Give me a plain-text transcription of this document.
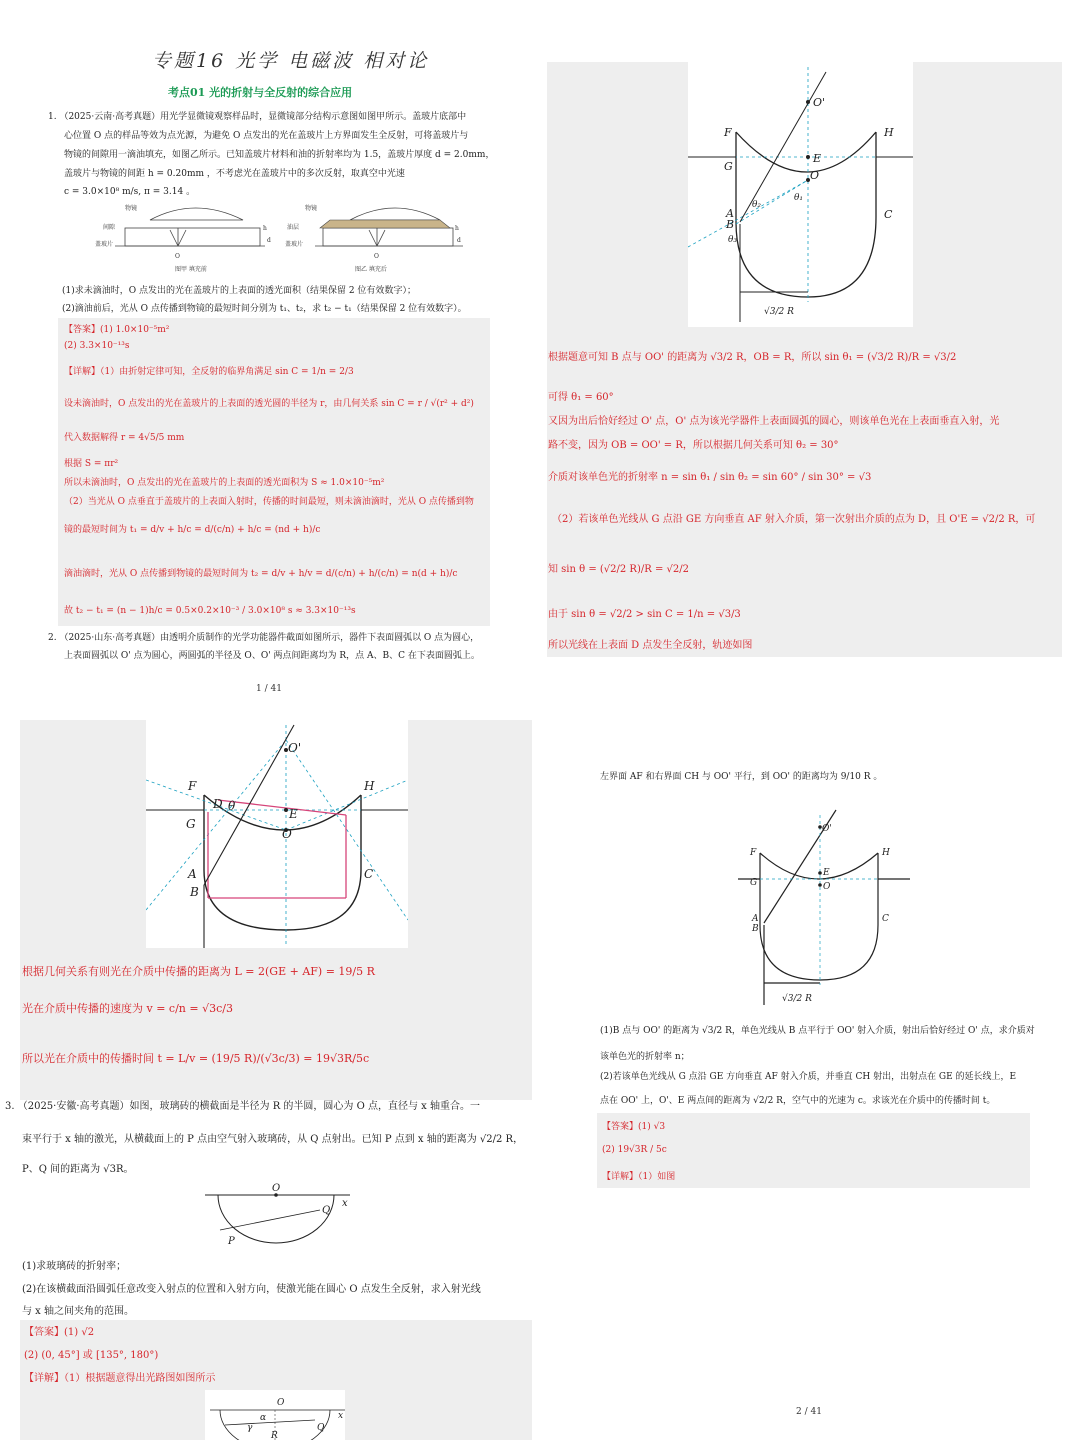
专题16 光学 电磁波 相对论
考点01 光的折射与全反射的综合应用
1. （2025·云南·高考真题）用光学显微镜观察样品时，显微镜部分结构示意图如图甲所示。盖玻片底部中
心位置 O 点的样品等效为点光源，为避免 O 点发出的光在盖玻片上方界面发生全反射，可将盖玻片与
物镜的间隙用一滴油填充，如图乙所示。已知盖玻片材料和油的折射率均为 1.5，盖玻片厚度 d = 2.0mm，
盖玻片与物镜的间距 h = 0.20mm ，不考虑光在盖玻片中的多次反射，取真空中光速
c = 3.0×10⁸ m/s, π = 3.14 。
物镜
间隙
盖玻片
h
d
O
物镜
油层
盖玻片
h
d
O
图甲 填充前	图乙 填充后
(1)求未滴油时，O 点发出的光在盖玻片的上表面的透光面积（结果保留 2 位有效数字）；
(2)滴油前后，光从 O 点传播到物镜的最短时间分别为 t₁、t₂，求 t₂ − t₁（结果保留 2 位有效数字）。
【答案】(1) 1.0×10⁻⁵m²
(2) 3.3×10⁻¹³s
【详解】（1）由折射定律可知，全反射的临界角满足 sin C = 1/n = 2/3
设未滴油时，O 点发出的光在盖玻片的上表面的透光圆的半径为 r，由几何关系 sin C = r / √(r² + d²)
代入数据解得 r = 4√5/5 mm
根据 S = πr²
所以未滴油时，O 点发出的光在盖玻片的上表面的透光面积为 S ≈ 1.0×10⁻⁵m²
（2）当光从 O 点垂直于盖玻片的上表面入射时，传播的时间最短，则未滴油滴时，光从 O 点传播到物
镜的最短时间为 t₁ = d/v + h/c = d/(c/n) + h/c = (nd + h)/c
滴油滴时，光从 O 点传播到物镜的最短时间为 t₂ = d/v + h/v = d/(c/n) + h/(c/n) = n(d + h)/c
故 t₂ − t₁ = (n − 1)h/c = 0.5×0.2×10⁻³ / 3.0×10⁸ s ≈ 3.3×10⁻¹³s
2. （2025·山东·高考真题）由透明介质制作的光学功能器件截面如图所示，器件下表面圆弧以 O 点为圆心，
上表面圆弧以 O' 点为圆心，两圆弧的半径及 O、O' 两点间距离均为 R，点 A、B、C 在下表面圆弧上。
1 / 41
O'
F	H
G
E
O
A
B
C
θ₂
θ₁
θ₃
√3/2 R
根据题意可知 B 点与 OO' 的距离为 √3/2 R，OB = R，所以 sin θ₁ = (√3/2 R)/R = √3/2
可得 θ₁ = 60°
又因为出后恰好经过 O' 点，O' 点为该光学器件上表面圆弧的圆心，则该单色光在上表面垂直入射，光
路不变，因为 OB = OO' = R，所以根据几何关系可知 θ₂ = 30°
介质对该单色光的折射率 n = sin θ₁ / sin θ₂ = sin 60° / sin 30° = √3
（2）若该单色光线从 G 点沿 GE 方向垂直 AF 射入介质，第一次射出介质的点为 D，且 O'E = √2/2 R，可
知 sin θ = (√2/2 R)/R = √2/2
由于 sin θ = √2/2 > sin C = 1/n = √3/3
所以光线在上表面 D 点发生全反射，轨迹如图
O'
F	H
D θ
G
E
O
A
B
C
根据几何关系有则光在介质中传播的距离为 L = 2(GE + AF) = 19/5 R
光在介质中传播的速度为 v = c/n = √3c/3
所以光在介质中的传播时间 t = L/v = (19/5 R)/(√3c/3) = 19√3R/5c
3. （2025·安徽·高考真题）如图，玻璃砖的横截面是半径为 R 的半圆，圆心为 O 点，直径与 x 轴重合。一
束平行于 x 轴的激光，从横截面上的 P 点由空气射入玻璃砖，从 Q 点射出。已知 P 点到 x 轴的距离为 √2/2 R，
P、Q 间的距离为 √3R。
O
Q
x
P
(1)求玻璃砖的折射率；
(2)在该横截面沿圆弧任意改变入射点的位置和入射方向，使激光能在圆心 O 点发生全反射，求入射光线
与 x 轴之间夹角的范围。
【答案】(1) √2
(2) (0, 45°] 或 [135°, 180°)
【详解】（1）根据题意得出光路图如图所示
O
α
γ	Q
x
R
左界面 AF 和右界面 CH 与 OO' 平行，到 OO' 的距离均为 9/10 R 。
O'
F	H
G
E
O
A
B
C
√3/2 R
(1)B 点与 OO' 的距离为 √3/2 R，单色光线从 B 点平行于 OO' 射入介质，射出后恰好经过 O' 点，求介质对
该单色光的折射率 n；
(2)若该单色光线从 G 点沿 GE 方向垂直 AF 射入介质，并垂直 CH 射出，出射点在 GE 的延长线上，E
点在 OO' 上，O'、E 两点间的距离为 √2/2 R，空气中的光速为 c。求该光在介质中的传播时间 t。
【答案】(1) √3
(2) 19√3R / 5c
【详解】（1）如图
2 / 41
